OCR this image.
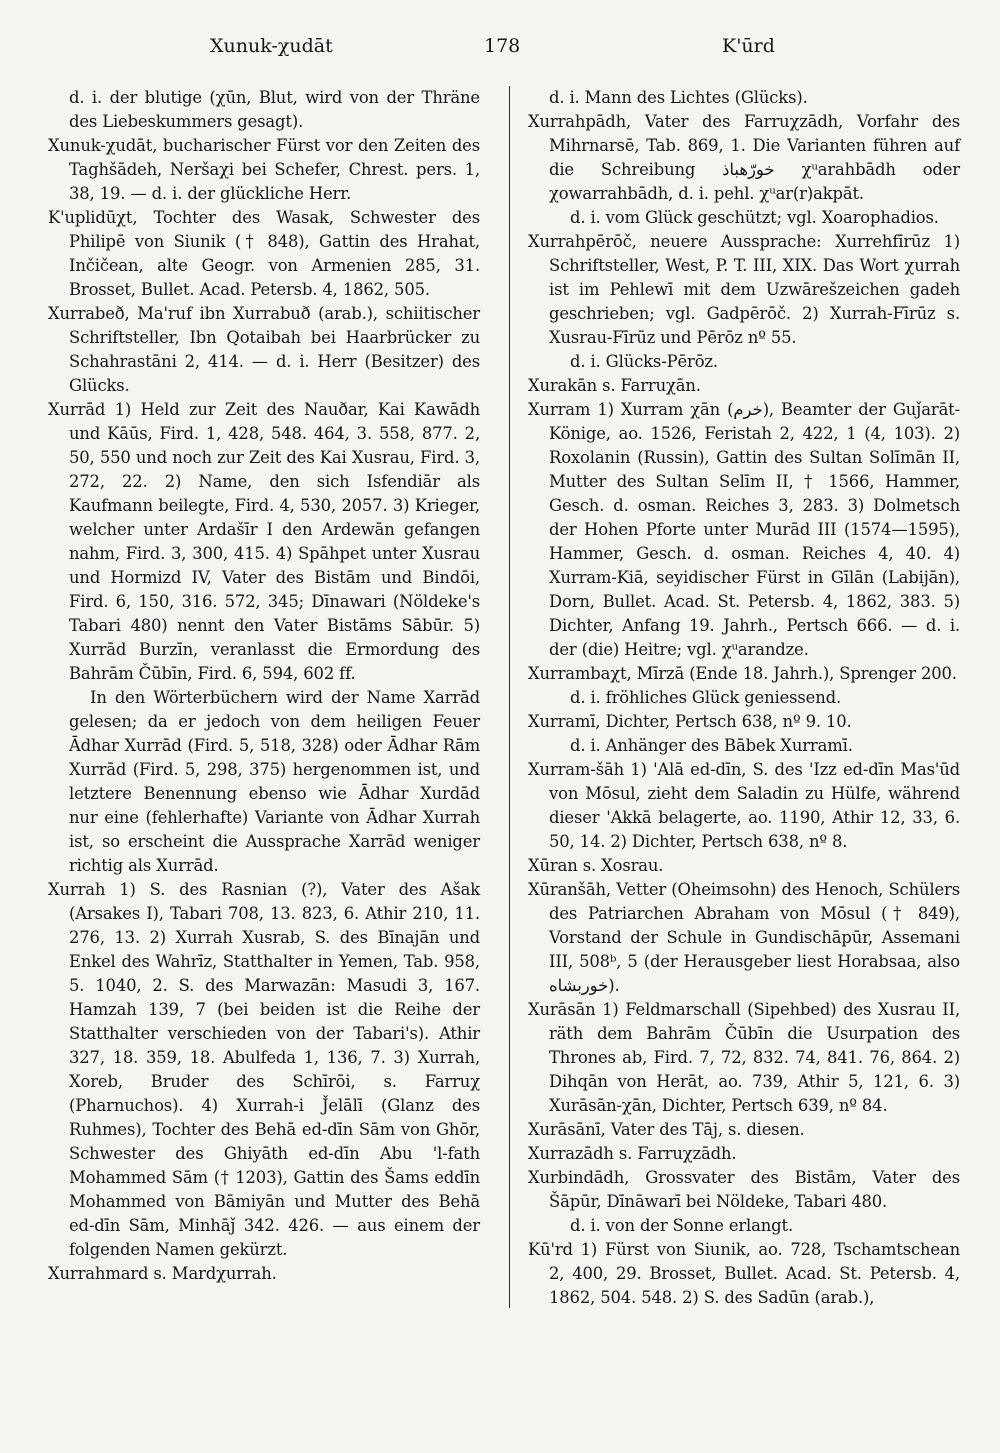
Xunuk-χudāt	178	K'ūrd

d. i. der blutige (χūn, Blut, wird von der Thräne des Liebeskummers gesagt).

Xunuk-χudāt, bucharischer Fürst vor den Zeiten des Taghšādeh, Neršaχi bei Schefer, Chrest. pers. 1, 38, 19. — d. i. der glückliche Herr.

K'uplidūχt, Tochter des Wasak, Schwester des Philipē von Siunik († 848), Gattin des Hrahat, Inčičean, alte Geogr. von Armenien 285, 31. Brosset, Bullet. Acad. Petersb. 4, 1862, 505.

Xurrabeð, Ma'ruf ibn Xurrabuð (arab.), schiitischer Schriftsteller, Ibn Qotaibah bei Haarbrücker zu Schahrastāni 2, 414. — d. i. Herr (Besitzer) des Glücks.

Xurrād 1) Held zur Zeit des Nauðar, Kai Kawādh und Kāūs, Fird. 1, 428, 548. 464, 3. 558, 877. 2, 50, 550 und noch zur Zeit des Kai Xusrau, Fird. 3, 272, 22. 2) Name, den sich Isfendiār als Kaufmann beilegte, Fird. 4, 530, 2057. 3) Krieger, welcher unter Ardašīr I den Ardewān gefangen nahm, Fird. 3, 300, 415. 4) Spāhpet unter Xusrau und Hormizd IV, Vater des Bistām und Bindōi, Fird. 6, 150, 316. 572, 345; Dīnawari (Nöldeke's Tabari 480) nennt den Vater Bistāms Sābūr. 5) Xurrād Burzīn, veranlasst die Ermordung des Bahrām Čūbīn, Fird. 6, 594, 602 ff.

In den Wörterbüchern wird der Name Xarrād gelesen; da er jedoch von dem heiligen Feuer Ādhar Xurrād (Fird. 5, 518, 328) oder Ādhar Rām Xurrād (Fird. 5, 298, 375) hergenommen ist, und letztere Benennung ebenso wie Ādhar Xurdād nur eine (fehlerhafte) Variante von Ādhar Xurrah ist, so erscheint die Aussprache Xarrād weniger richtig als Xurrād.

Xurrah 1) S. des Rasnian (?), Vater des Ašak (Arsakes I), Tabari 708, 13. 823, 6. Athir 210, 11. 276, 13. 2) Xurrah Xusrab, S. des Bīnajān und Enkel des Wahrīz, Statthalter in Yemen, Tab. 958, 5. 1040, 2. S. des Marwazān: Masudi 3, 167. Hamzah 139, 7 (bei beiden ist die Reihe der Statthalter verschieden von der Tabari's). Athir 327, 18. 359, 18. Abulfeda 1, 136, 7. 3) Xurrah, Xoreb, Bruder des Schīrōi, s. Farruχ (Pharnuchos). 4) Xurrah-i J̌elālī (Glanz des Ruhmes), Tochter des Behā ed-dīn Sām von Ghōr, Schwester des Ghiyāth ed-dīn Abu 'l-fath Mohammed Sām († 1203), Gattin des Šams eddīn Mohammed von Bāmiyān und Mutter des Behā ed-dīn Sām, Minhāǰ 342. 426. — aus einem der folgenden Namen gekürzt.

Xurrahmard s. Mardχurrah.

d. i. Mann des Lichtes (Glücks).

Xurrahpādh, Vater des Farruχzādh, Vorfahr des Mihrnarsē, Tab. 869, 1. Die Varianten führen auf die Schreibung خورّهباذ χᵘarahbādh oder χowarrahbādh, d. i. pehl. χᵘar(r)akpāt.

d. i. vom Glück geschützt; vgl. Xoarophadios.

Xurrahpērōč, neuere Aussprache: Xurrehfīrūz 1) Schriftsteller, West, P. T. III, XIX. Das Wort χurrah ist im Pehlewī mit dem Uzwārešzeichen gadeh geschrieben; vgl. Gadpērōč. 2) Xurrah-Fīrūz s. Xusrau-Fīrūz und Pērōz nº 55.

d. i. Glücks-Pērōz.

Xurakān s. Farruχān.

Xurram 1) Xurram χān (خرم), Beamter der Guǰarāt-Könige, ao. 1526, Feristah 2, 422, 1 (4, 103). 2) Roxolanin (Russin), Gattin des Sultan Solīmān II, Mutter des Sultan Selīm II, † 1566, Hammer, Gesch. d. osman. Reiches 3, 283. 3) Dolmetsch der Hohen Pforte unter Murād III (1574—1595), Hammer, Gesch. d. osman. Reiches 4, 40. 4) Xurram-Kiā, seyidischer Fürst in Gīlān (Labijān), Dorn, Bullet. Acad. St. Petersb. 4, 1862, 383. 5) Dichter, Anfang 19. Jahrh., Pertsch 666. — d. i. der (die) Heitre; vgl. χᵘarandze.

Xurrambaχt, Mīrzā (Ende 18. Jahrh.), Sprenger 200.

d. i. fröhliches Glück geniessend.

Xurramī, Dichter, Pertsch 638, nº 9. 10.

d. i. Anhänger des Bābek Xurramī.

Xurram-šāh 1) 'Alā ed-dīn, S. des 'Izz ed-dīn Mas'ūd von Mōsul, zieht dem Saladin zu Hülfe, während dieser 'Akkā belagerte, ao. 1190, Athir 12, 33, 6. 50, 14. 2) Dichter, Pertsch 638, nº 8.

Xūran s. Xosrau.

Xūranšāh, Vetter (Oheimsohn) des Henoch, Schülers des Patriarchen Abraham von Mōsul († 849), Vorstand der Schule in Gundischāpūr, Assemani III, 508ᵇ, 5 (der Herausgeber liest Horabsaa, also خوربشاه).

Xurāsān 1) Feldmarschall (Sipehbed) des Xusrau II, räth dem Bahrām Čūbīn die Usurpation des Thrones ab, Fird. 7, 72, 832. 74, 841. 76, 864. 2) Dihqān von Herāt, ao. 739, Athir 5, 121, 6. 3) Xurāsān-χān, Dichter, Pertsch 639, nº 84.

Xurāsānī, Vater des Tāj, s. diesen.

Xurrazādh s. Farruχzādh.

Xurbindādh, Grossvater des Bistām, Vater des Šāpūr, Dīnāwarī bei Nöldeke, Tabari 480.

d. i. von der Sonne erlangt.

Kū'rd 1) Fürst von Siunik, ao. 728, Tschamtschean 2, 400, 29. Brosset, Bullet. Acad. St. Petersb. 4, 1862, 504. 548. 2) S. des Sadūn (arab.),
